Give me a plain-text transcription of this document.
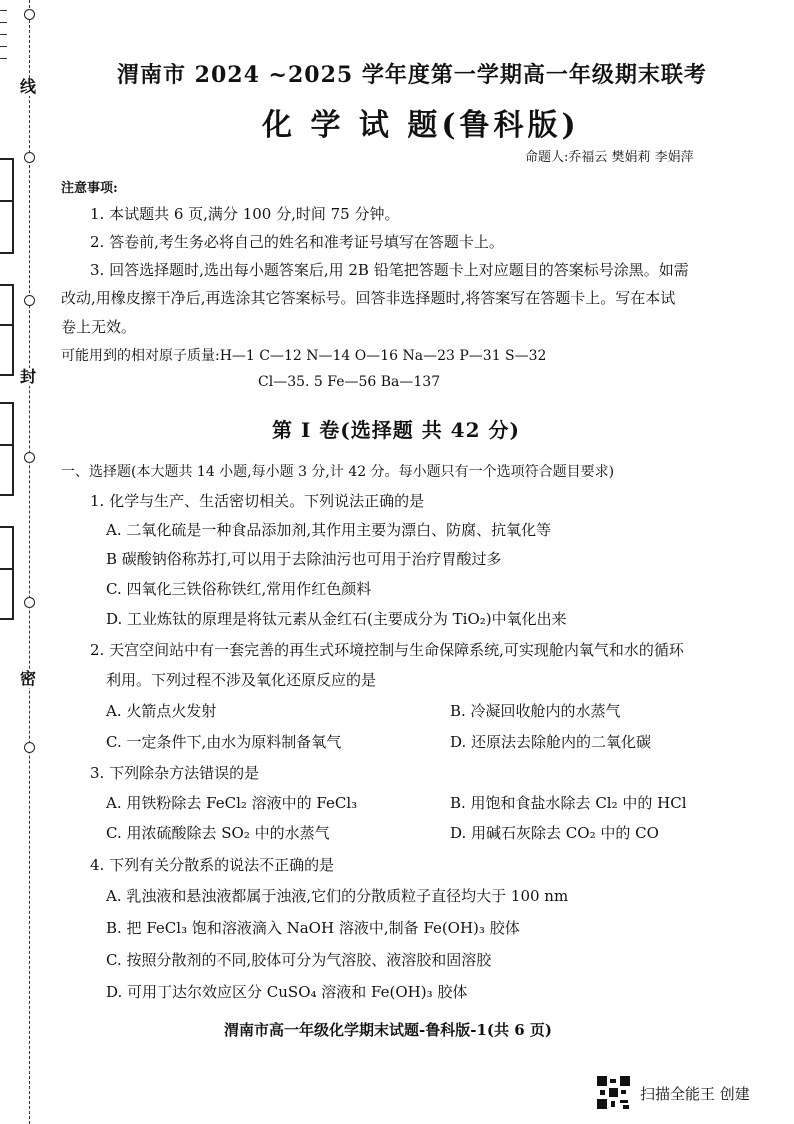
线
封
密
渭南市 2024 ~2025 学年度第一学期高一年级期末联考
化 学 试 题(鲁科版)
命题人:乔福云 樊娟莉 李娟萍
注意事项:
1. 本试题共 6 页,满分 100 分,时间 75 分钟。
2. 答卷前,考生务必将自己的姓名和准考证号填写在答题卡上。
3. 回答选择题时,选出每小题答案后,用 2B 铅笔把答题卡上对应题目的答案标号涂黑。如需
改动,用橡皮擦干净后,再选涂其它答案标号。回答非选择题时,将答案写在答题卡上。写在本试
卷上无效。
可能用到的相对原子质量:H—1 C—12 N—14 O—16 Na—23 P—31 S—32
Cl—35. 5 Fe—56 Ba—137
第 I 卷(选择题 共 42 分)
一、选择题(本大题共 14 小题,每小题 3 分,计 42 分。每小题只有一个选项符合题目要求)
1. 化学与生产、生活密切相关。下列说法正确的是
A. 二氧化硫是一种食品添加剂,其作用主要为漂白、防腐、抗氧化等
B 碳酸钠俗称苏打,可以用于去除油污也可用于治疗胃酸过多
C. 四氧化三铁俗称铁红,常用作红色颜料
D. 工业炼钛的原理是将钛元素从金红石(主要成分为 TiO₂)中氧化出来
2. 天宫空间站中有一套完善的再生式环境控制与生命保障系统,可实现舱内氧气和水的循环
利用。下列过程不涉及氧化还原反应的是
A. 火箭点火发射	B. 冷凝回收舱内的水蒸气
C. 一定条件下,由水为原料制备氧气	D. 还原法去除舱内的二氧化碳
3. 下列除杂方法错误的是
A. 用铁粉除去 FeCl₂ 溶液中的 FeCl₃	B. 用饱和食盐水除去 Cl₂ 中的 HCl
C. 用浓硫酸除去 SO₂ 中的水蒸气	D. 用碱石灰除去 CO₂ 中的 CO
4. 下列有关分散系的说法不正确的是
A. 乳浊液和悬浊液都属于浊液,它们的分散质粒子直径均大于 100 nm
B. 把 FeCl₃ 饱和溶液滴入 NaOH 溶液中,制备 Fe(OH)₃ 胶体
C. 按照分散剂的不同,胶体可分为气溶胶、液溶胶和固溶胶
D. 可用丁达尔效应区分 CuSO₄ 溶液和 Fe(OH)₃ 胶体
渭南市高一年级化学期末试题-鲁科版-1(共 6 页)
扫描全能王 创建
